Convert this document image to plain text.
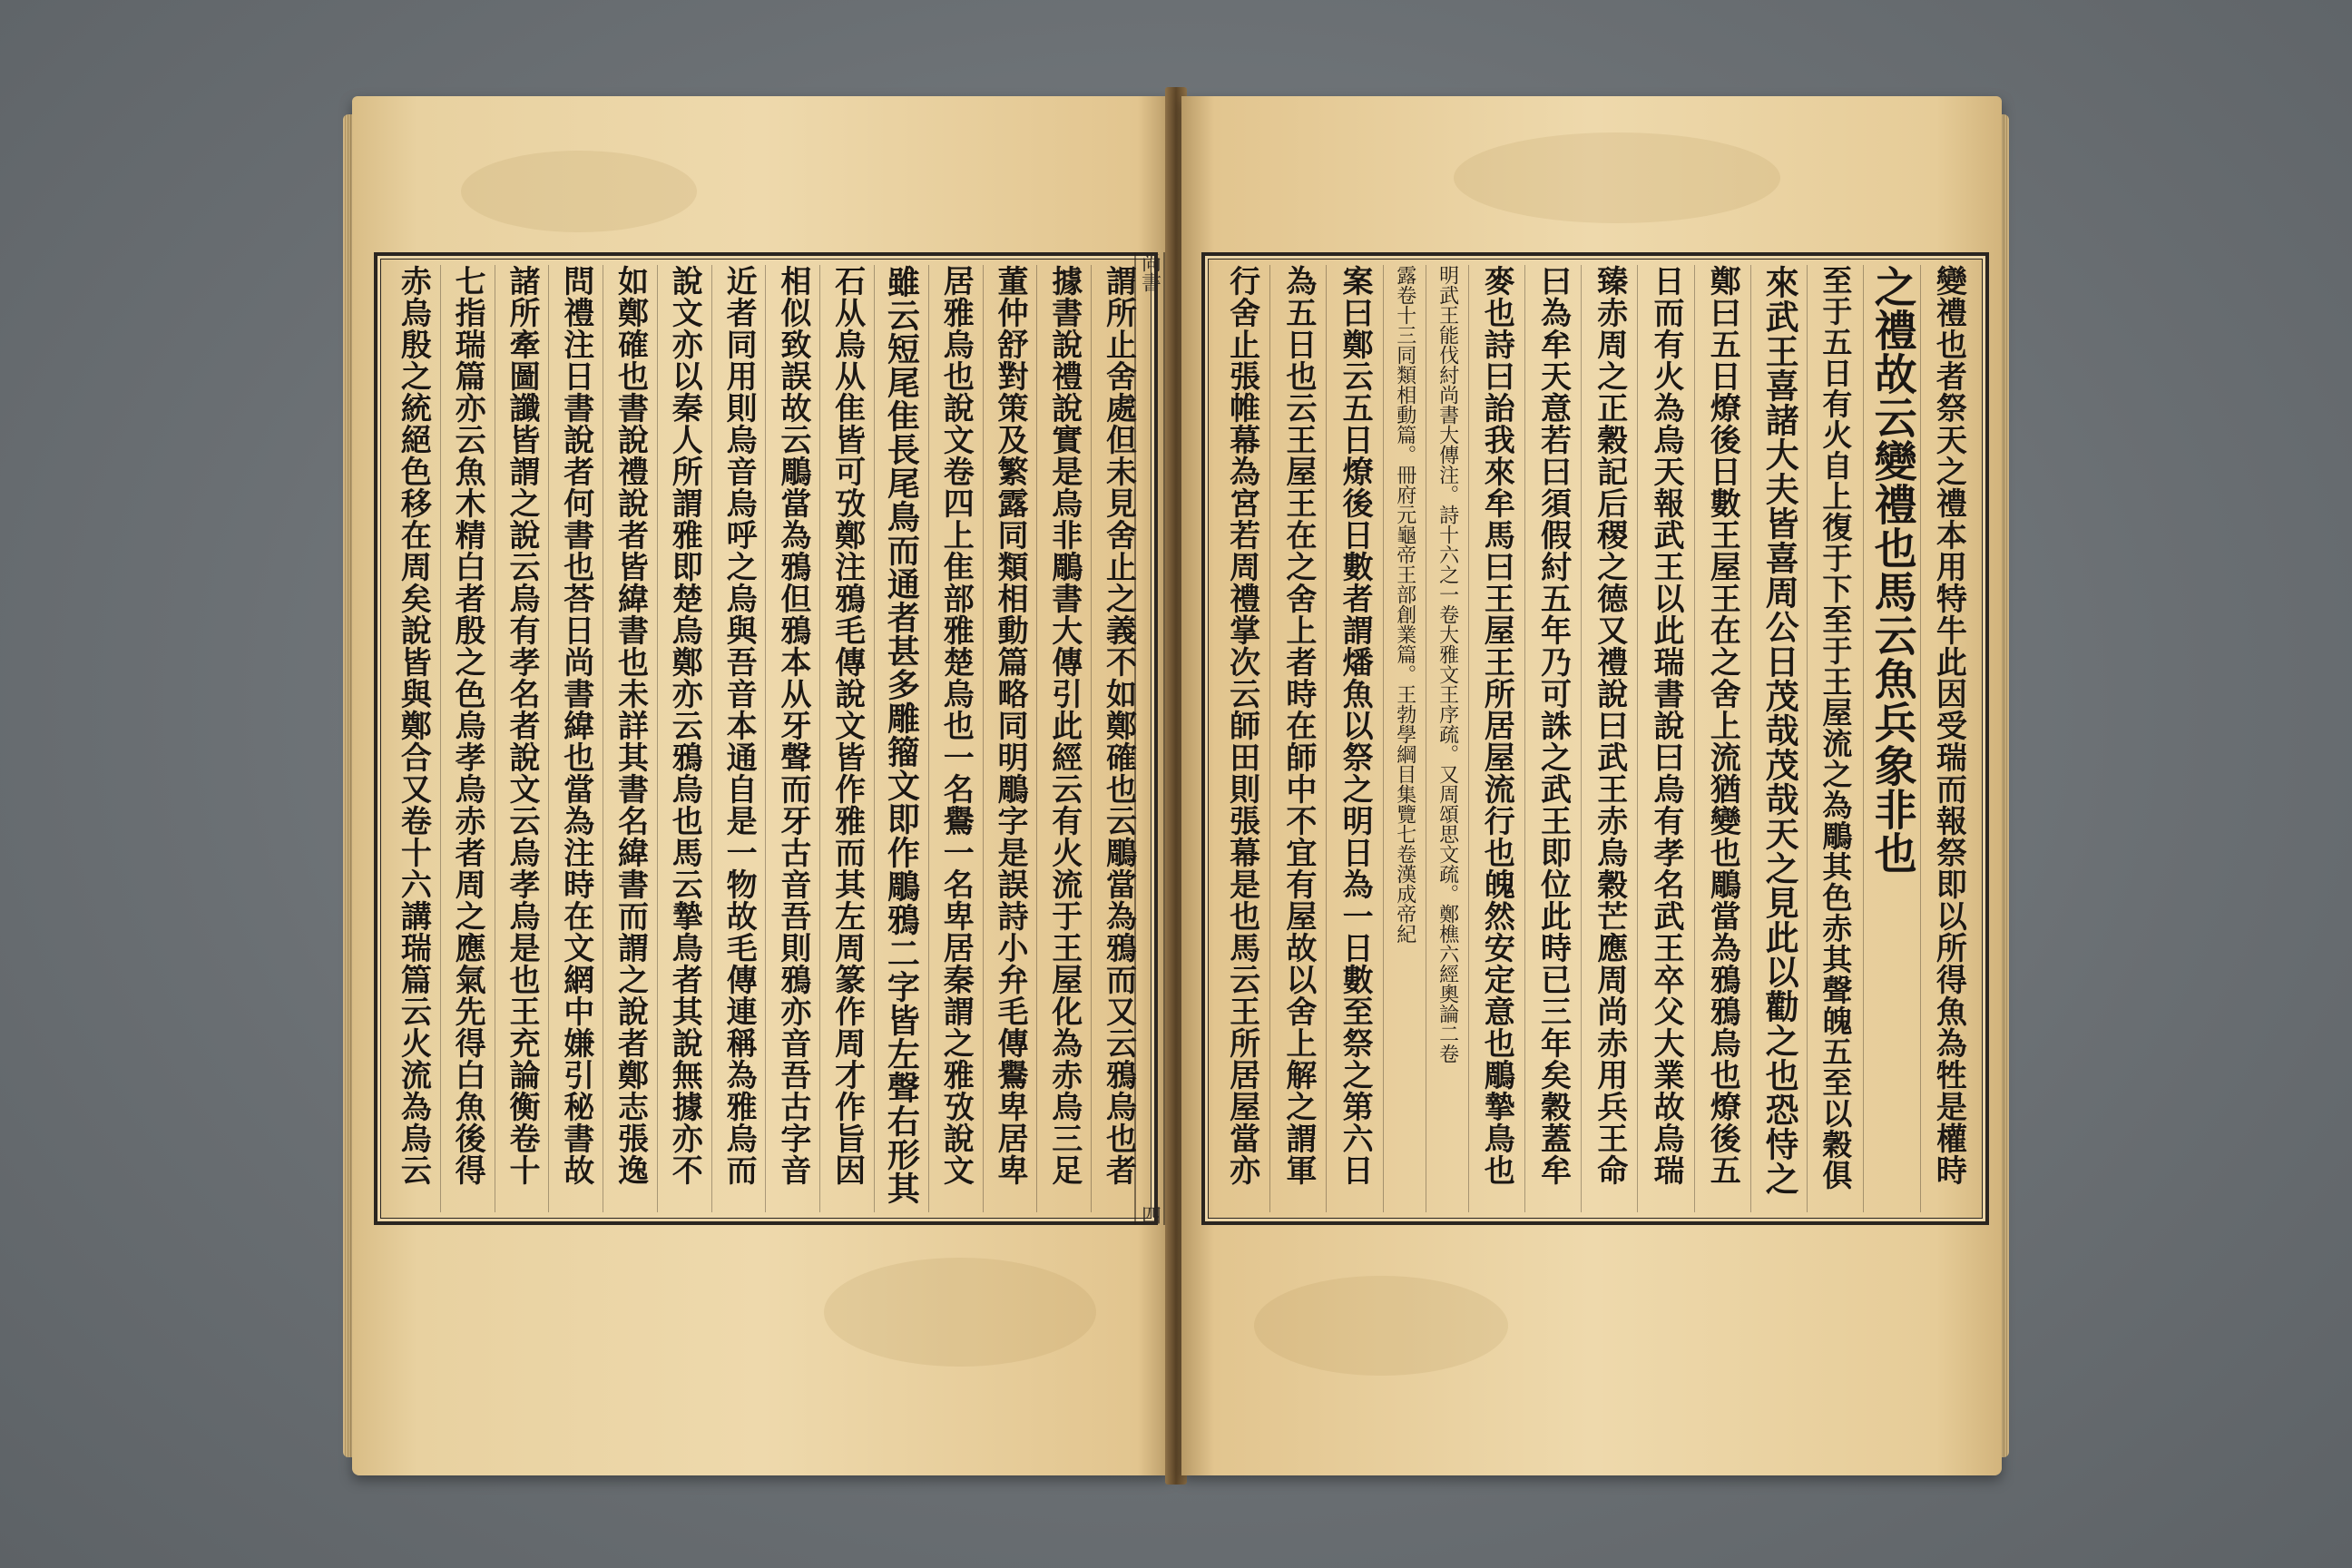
謂所止舍處但未見舍止之義不如鄭確也云鵰當為鴉而又云鴉烏也者
據書說禮說實是烏非鵰書大傳引此經云有火流于王屋化為赤烏三足
董仲舒對策及繁露同類相動篇略同明鵰字是誤詩小弁毛傳鸒卑居卑
居雅烏也說文卷四上隹部雅楚烏也一名鸒一名卑居秦謂之雅攷說文
雖云短尾隹長尾鳥而通者甚多雕籀文即作鵰鴉二字皆左聲右形其
石从烏从隹皆可攷鄭注鴉毛傳說文皆作雅而其左周篆作周才作旨因
相似致誤故云鵰當為鴉但鴉本从牙聲而牙古音吾則鴉亦音吾古字音
近者同用則烏音烏呼之烏與吾音本通自是一物故毛傳連稱為雅烏而
說文亦以秦人所謂雅即楚烏鄭亦云鴉烏也馬云摯鳥者其說無據亦不
如鄭確也書說禮說者皆緯書也未詳其書名緯書而謂之說者鄭志張逸
問禮注日書說者何書也荅日尚書緯也當為注時在文網中嫌引秘書故
諸所牽圖讖皆謂之說云烏有孝名者說文云烏孝烏是也王充論衡卷十
七指瑞篇亦云魚木精白者殷之色烏孝烏赤者周之應氣先得白魚後得
赤烏殷之統絕色移在周矣說皆與鄭合又卷十六講瑞篇云火流為烏云	尚書
四
變禮也者祭天之禮本用特牛此因受瑞而報祭即以所得魚為牲是權時
之禮故云變禮也馬云魚兵象非也
至于五日有火自上復于下至于王屋流之為鵰其色赤其聲魄五至以穀俱
來武王喜諸大夫皆喜周公日茂哉茂哉天之見此以勸之也恐恃之
鄭曰五日燎後日數王屋王在之舍上流猶變也鵰當為鴉鴉烏也燎後五
日而有火為烏天報武王以此瑞書說曰烏有孝名武王卒父大業故烏瑞
臻赤周之正穀記后稷之德又禮說曰武王赤烏穀芒應周尚赤用兵王命
曰為牟天意若曰須假紂五年乃可誅之武王即位此時已三年矣穀蓋牟
麥也詩曰詒我來牟馬曰王屋王所居屋流行也魄然安定意也鵰摯鳥也
明武王能伐紂尚書大傳注。詩十六之一卷大雅文王序疏。又周頌思文疏。鄭樵六經奧論二卷
露卷十三同類相動篇。冊府元龜帝王部創業篇。王勃學綱目集覽七卷漢成帝紀
案曰鄭云五日燎後日數者謂燔魚以祭之明日為一日數至祭之第六日
為五日也云王屋王在之舍上者時在師中不宜有屋故以舍上解之謂軍
行舍止張帷幕為宮若周禮掌次云師田則張幕是也馬云王所居屋當亦
